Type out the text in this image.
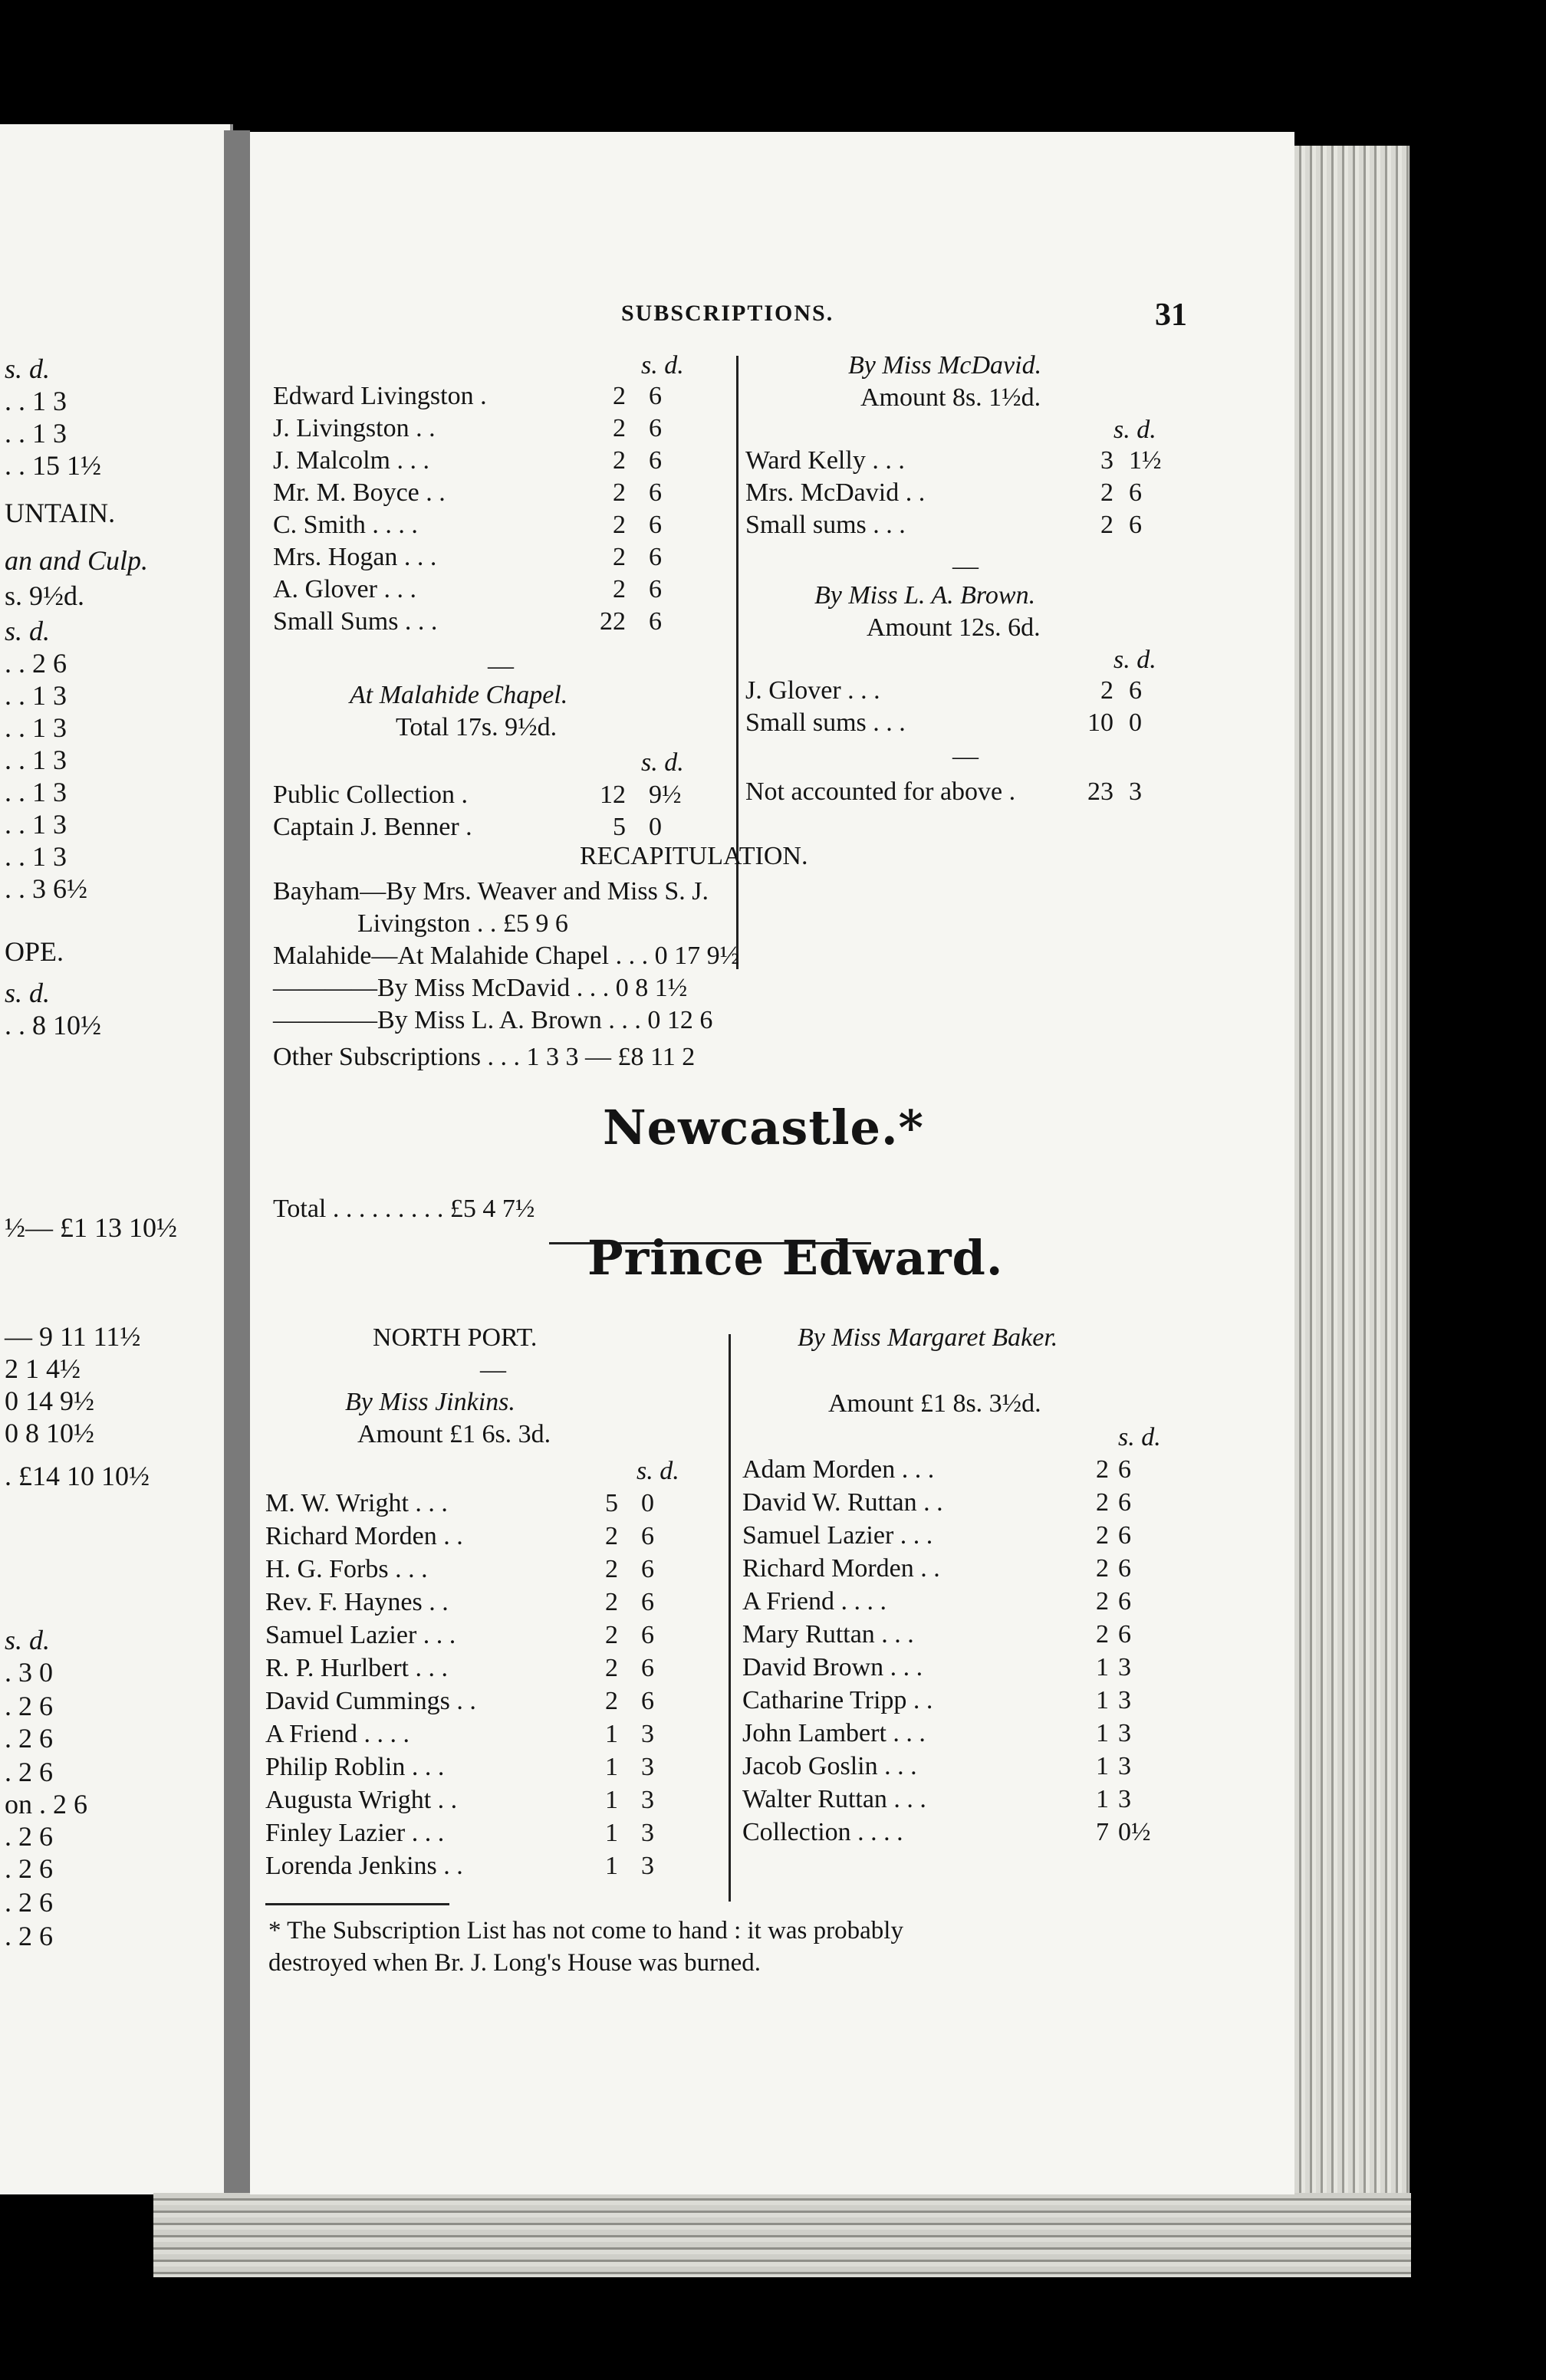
SUBSCRIPTIONS.	31
s. d.
Edward Livingston .	2 6
J. Livingston . .	2 6
J. Malcolm . . .	2 6
Mr. M. Boyce . .	2 6
C. Smith . . . .	2 6
Mrs. Hogan . . .	2 6
A. Glover . . .	2 6
Small Sums . . .	22 6
—
At Malahide Chapel.
Total 17s. 9½d.
s. d.
Public Collection .	12 9½
Captain J. Benner .	5 0
By Miss McDavid.
Amount 8s. 1½d.
s. d.
Ward Kelly . . .	3 1½
Mrs. McDavid . .	2 6
Small sums . . .	2 6
—
By Miss L. A. Brown.
Amount 12s. 6d.
s. d.
J. Glover . . .	2 6
Small sums . . .	10 0
—
Not accounted for above .	23 3
RECAPITULATION.
Bayham—By Mrs. Weaver and Miss S. J.
Livingston . . £5 9 6
Malahide—At Malahide Chapel . . . 0 17 9½
————By Miss McDavid . . . 0 8 1½
————By Miss L. A. Brown . . . 0 12 6
Other Subscriptions . . . 1 3 3 — £8 11 2
Newcastle.*
Total . . . . . . . . . £5 4 7½
Prince Edward.
NORTH PORT.
—
By Miss Jinkins.
Amount £1 6s. 3d.
s. d.
M. W. Wright . . .	5 0
Richard Morden . .	2 6
H. G. Forbs . . .	2 6
Rev. F. Haynes . .	2 6
Samuel Lazier . . .	2 6
R. P. Hurlbert . . .	2 6
David Cummings . .	2 6
A Friend . . . .	1 3
Philip Roblin . . .	1 3
Augusta Wright . .	1 3
Finley Lazier . . .	1 3
Lorenda Jenkins . .	1 3
By Miss Margaret Baker.
Amount £1 8s. 3½d.
s. d.
Adam Morden . . .	2 6
David W. Ruttan . .	2 6
Samuel Lazier . . .	2 6
Richard Morden . .	2 6
A Friend . . . .	2 6
Mary Ruttan . . .	2 6
David Brown . . .	1 3
Catharine Tripp . .	1 3
John Lambert . . .	1 3
Jacob Goslin . . .	1 3
Walter Ruttan . . .	1 3
Collection . . . .	7 0½
* The Subscription List has not come to hand : it was probably
destroyed when Br. J. Long's House was burned.
s. d.
. . 1 3
. . 1 3
. . 15 1½
UNTAIN.
an and Culp.
s. 9½d.
s. d.
. . 2 6
. . 1 3
. . 1 3
. . 1 3
. . 1 3
. . 1 3
. . 1 3
. . 3 6½
OPE.
s. d.
. . 8 10½
½— £1 13 10½
— 9 11 11½
2 1 4½
0 14 9½
0 8 10½
. £14 10 10½
s. d.
. 3 0
. 2 6
. 2 6
. 2 6
on . 2 6
. 2 6
. 2 6
. 2 6
. 2 6
